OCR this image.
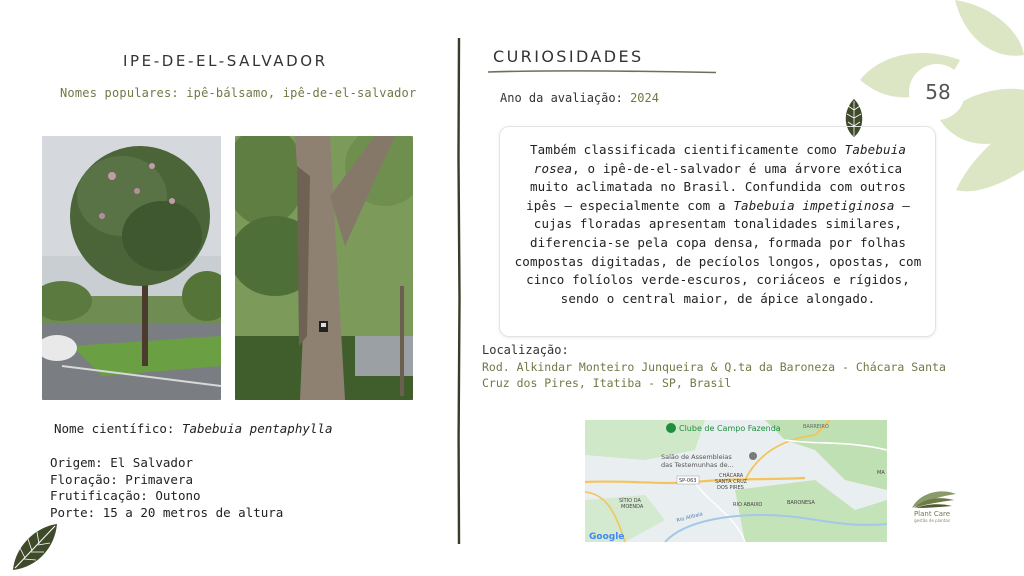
IPE-DE-EL-SALVADOR
Nomes populares: ipê-bálsamo, ipê-de-el-salvador
Nome científico: Tabebuia pentaphylla
Origem: El Salvador
Floração: Primavera
Frutificação: Outono
Porte: 15 a 20 metros de altura
CURIOSIDADES
Ano da avaliação: 2024
Também classificada cientificamente como Tabebuia rosea, o ipê-de-el-salvador é uma árvore exótica muito aclimatada no Brasil. Confundida com outros ipês – especialmente com a Tabebuia impetiginosa – cujas floradas apresentam tonalidades similares, diferencia-se pela copa densa, formada por folhas compostas digitadas, de pecíolos longos, opostas, com cinco folíolos verde-escuros, coriáceos e rígidos, sendo o central maior, de ápice alongado.
Localização:
Rod. Alkindar Monteiro Junqueira & Q.ta da Baroneza - Chácara Santa Cruz dos Pires, Itatiba - SP, Brasil
Clube de Campo Fazenda
Salão de Assembleias
das Testemunhas de...
BARREIRO
SP-063
CHÁCARA
SANTA CRUZ
DOS PIRES
SÍTIO DA
MOENDA	RIO ABAIXO	BARONESA
Rio Atibaia
MA
Google
58
Plant Care
gestão de plantas
